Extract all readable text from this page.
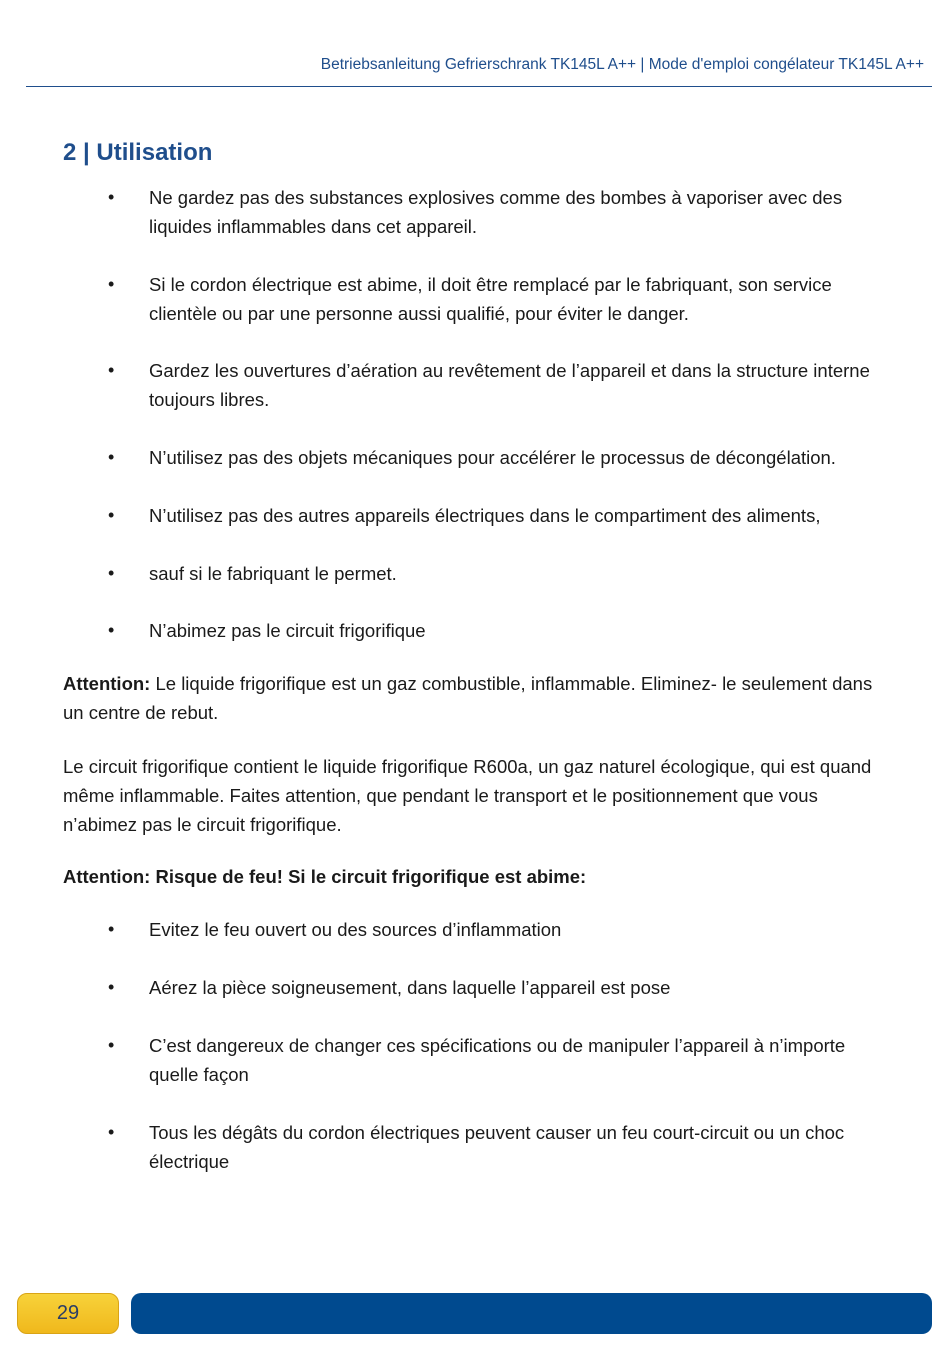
Betriebsanleitung Gefrierschrank TK145L A++ | Mode d'emploi congélateur TK145L A++
2 | Utilisation
• Ne gardez pas des substances explosives comme des bombes à vaporiser avec des liquides inflammables dans cet appareil.
• Si le cordon électrique est abime, il doit être remplacé par le fabriquant, son service clientèle ou par une personne aussi qualifié, pour éviter le danger.
• Gardez les ouvertures d’aération au revêtement de l’appareil et dans la structure interne toujours libres.
• N’utilisez pas des objets mécaniques pour accélérer le processus de décongélation.
• N’utilisez pas des autres appareils électriques dans le compartiment des aliments,
• sauf si le fabriquant le permet.
• N’abimez pas le circuit frigorifique

Attention: Le liquide frigorifique est un gaz combustible, inflammable. Eliminez- le seulement dans un centre de rebut.

Le circuit frigorifique contient le liquide frigorifique R600a, un gaz naturel écologique, qui est quand même inflammable. Faites attention, que pendant le transport et le positionnement que vous n’abimez pas le circuit frigorifique.

Attention: Risque de feu! Si le circuit frigorifique est abime:

• Evitez le feu ouvert ou des sources d’inflammation
• Aérez la pièce soigneusement, dans laquelle l’appareil est pose
• C’est dangereux de changer ces spécifications ou de manipuler l’appareil à n’importe quelle façon
• Tous les dégâts du cordon électriques peuvent causer un feu court-circuit ou un choc électrique
29
